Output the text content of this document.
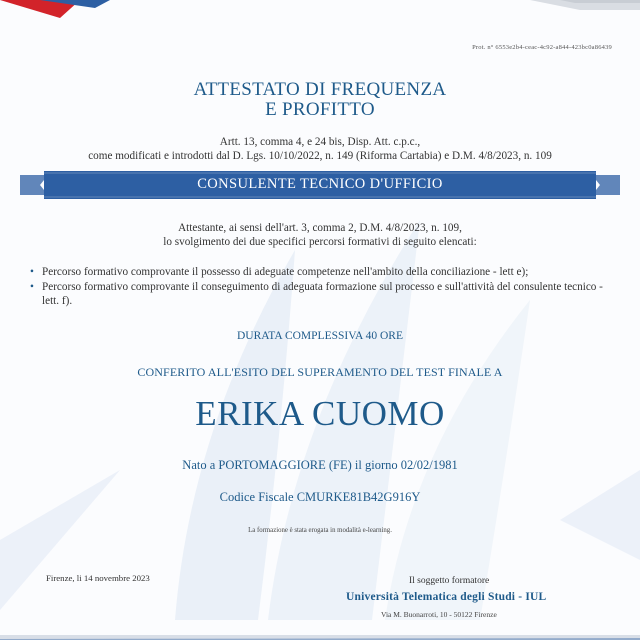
Prot. n° 6553e2b4-ceac-4c92-a844-423bc0a86439
ATTESTATO DI FREQUENZA
E PROFITTO
Artt. 13, comma 4, e 24 bis, Disp. Att. c.p.c.,
come modificati e introdotti dal D. Lgs. 10/10/2022, n. 149 (Riforma Cartabia) e D.M. 4/8/2023, n. 109
CONSULENTE TECNICO D'UFFICIO
Attestante, ai sensi dell'art. 3, comma 2, D.M. 4/8/2023, n. 109,
lo svolgimento dei due specifici percorsi formativi di seguito elencati:
• Percorso formativo comprovante il possesso di adeguate competenze nell'ambito della conciliazione - lett e);
• Percorso formativo comprovante il conseguimento di adeguata formazione sul processo e sull'attività del consulente tecnico - lett. f).
DURATA COMPLESSIVA 40 ORE
CONFERITO ALL'ESITO DEL SUPERAMENTO DEL TEST FINALE A
ERIKA CUOMO
Nato a PORTOMAGGIORE (FE) il giorno 02/02/1981
Codice Fiscale CMURKE81B42G916Y
La formazione è stata erogata in modalità e-learning.
Firenze, li 14 novembre 2023	Il soggetto formatore
Università Telematica degli Studi - IUL
Via M. Buonarroti, 10 - 50122 Firenze
